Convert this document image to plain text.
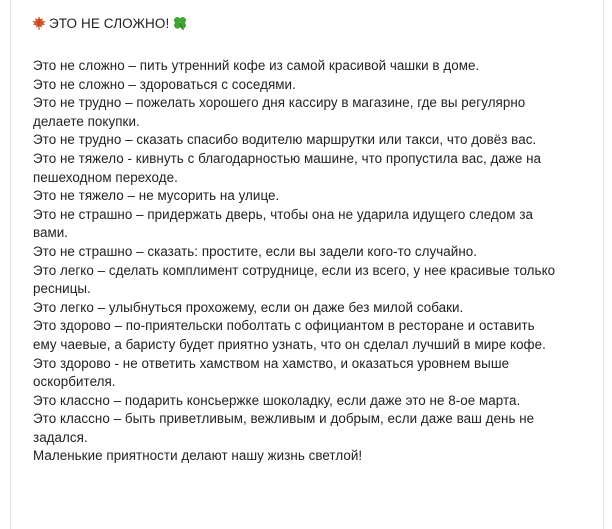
ЭТО НЕ СЛОЖНО!
Это не сложно – пить утренний кофе из самой красивой чашки в доме.
Это не сложно – здороваться с соседями.
Это не трудно – пожелать хорошего дня кассиру в магазине, где вы регулярно
делаете покупки.
Это не трудно – сказать спасибо водителю маршрутки или такси, что довёз вас.
Это не тяжело - кивнуть с благодарностью машине, что пропустила вас, даже на
пешеходном переходе.
Это не тяжело – не мусорить на улице.
Это не страшно – придержать дверь, чтобы она не ударила идущего следом за
вами.
Это не страшно – сказать: простите, если вы задели кого-то случайно.
Это легко – сделать комплимент сотруднице, если из всего, у нее красивые только
ресницы.
Это легко – улыбнуться прохожему, если он даже без милой собаки.
Это здорово – по-приятельски поболтать с официантом в ресторане и оставить
ему чаевые, а баристу будет приятно узнать, что он сделал лучший в мире кофе.
Это здорово - не ответить хамством на хамство, и оказаться уровнем выше
оскорбителя.
Это классно – подарить консьержке шоколадку, если даже это не 8-ое марта.
Это классно – быть приветливым, вежливым и добрым, если даже ваш день не
задался.
Маленькие приятности делают нашу жизнь светлой!
